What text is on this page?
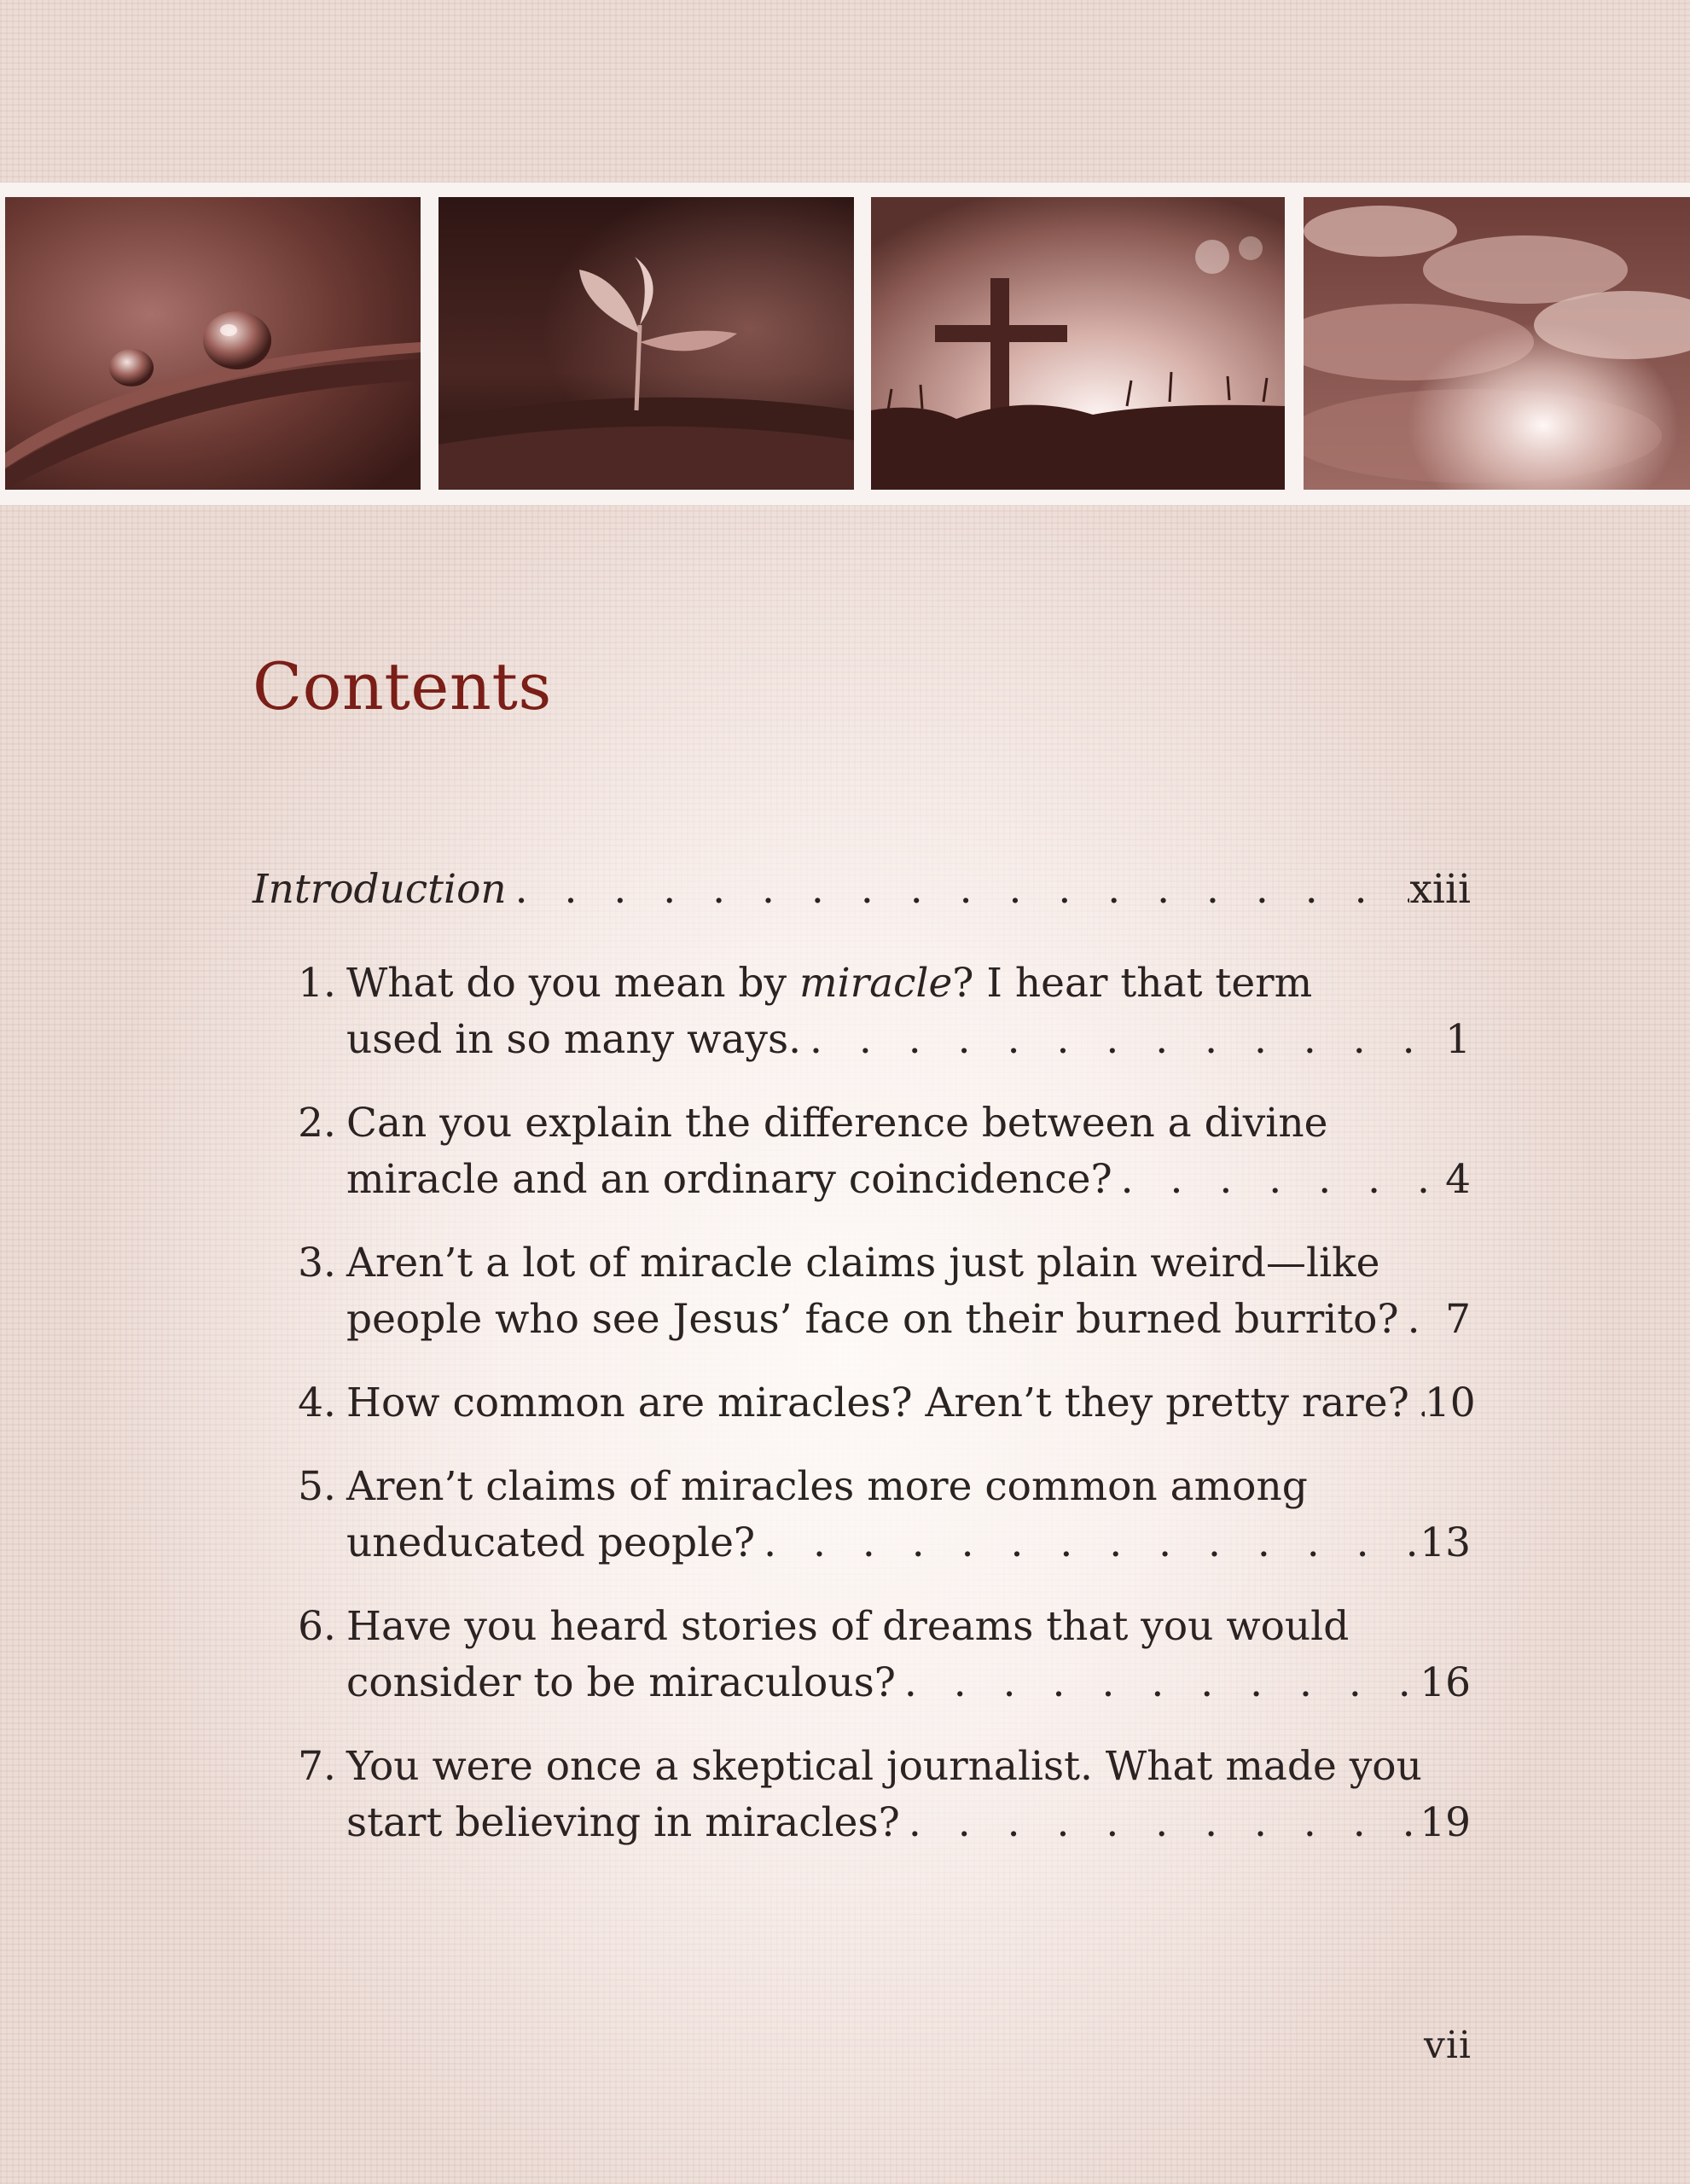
Contents
Introduction . . .	xiii
1. What do you mean by miracle? I hear that term
used in so many ways. . . .	1
2. Can you explain the difference between a divine
miracle and an ordinary coincidence? . . .	4
3. Aren’t a lot of miracle claims just plain weird—like
people who see Jesus’ face on their burned burrito? . . . 7
4. How common are miracles? Aren’t they pretty rare? . . . 10
5. Aren’t claims of miracles more common among
uneducated people? . . .	13
6. Have you heard stories of dreams that you would
consider to be miraculous? . . .	16
7. You were once a skeptical journalist. What made you
start believing in miracles? . . .	19
vii
